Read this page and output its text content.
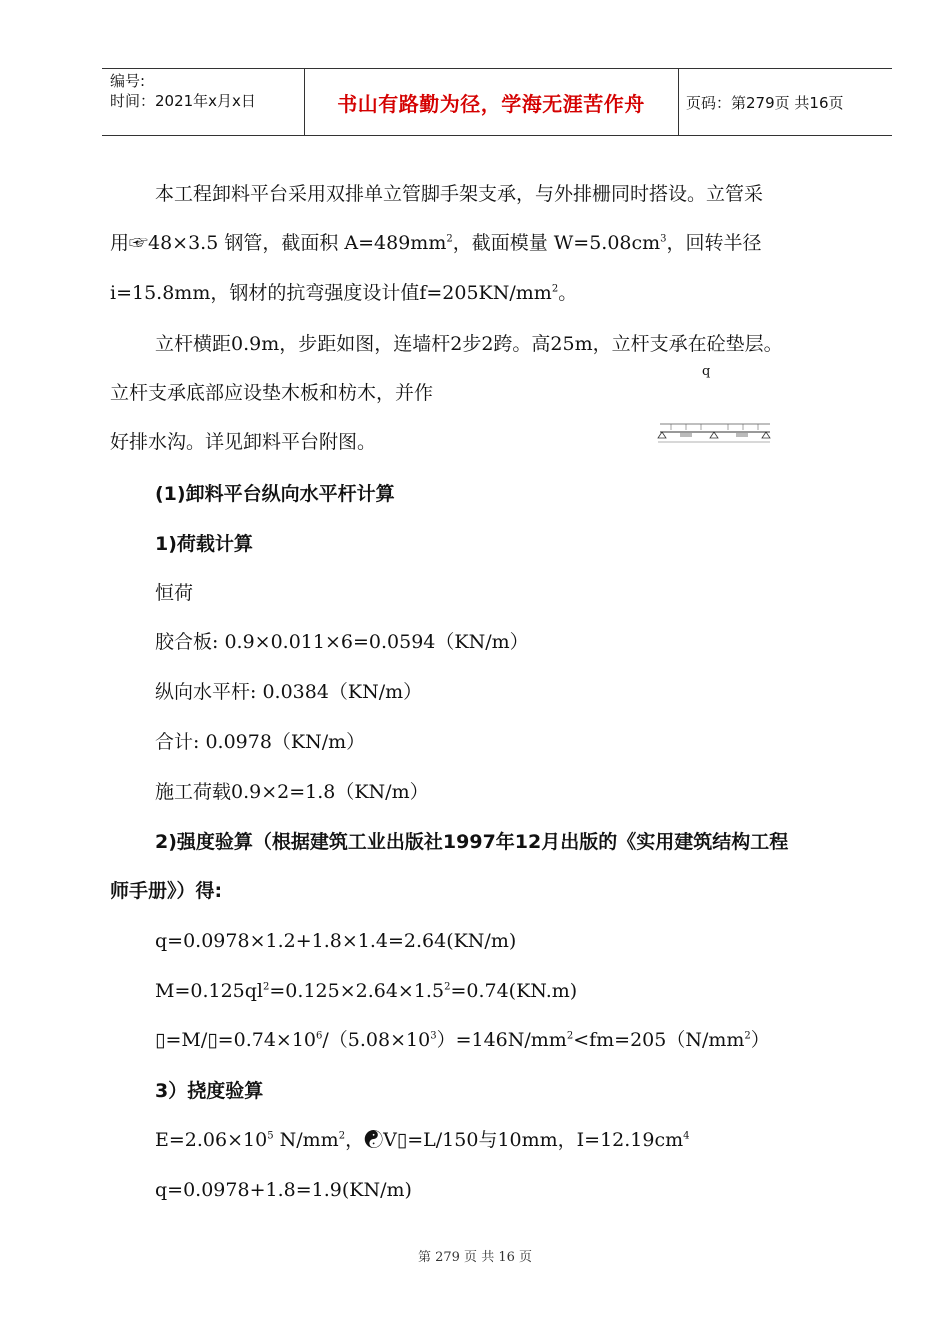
编号:
时间：2021年x月x日	书山有路勤为径，学海无涯苦作舟	页码：第279页 共16页
本工程卸料平台采用双排单立管脚手架支承，与外排栅同时搭设。立管采
用☞48×3.5 钢管，截面积 $A=489mm^2$，截面模量 $W=5.08cm^3$，回转半径
i=15.8mm，钢材的抗弯强度设计值$f=205KN/mm^2$。
立杆横距0.9m，步距如图，连墙杆2步2跨。高25m，立杆支承在砼垫层。
立杆支承底部应设垫木板和枋木，并作
好排水沟。详见卸料平台附图。
q
(1)卸料平台纵向水平杆计算
1)荷载计算
恒荷
胶合板: 0.9×0.011×6=0.0594（KN/m）
纵向水平杆: 0.0384（KN/m）
合计: 0.0978（KN/m）
施工荷载0.9×2=1.8（KN/m）
2)强度验算（根据建筑工业出版社1997年12月出版的《实用建筑结构工程
师手册》）得:
q=0.0978×1.2+1.8×1.4=2.64(KN/m)
$M=0.125ql^2=0.125\times 2.64\times 1.5^2=0.74(KN.m)$
$▯=M/▯=0.74\times 10^6/(5.08\times 10^3)=146N/mm^2<fm=205(N/mm^2)$
3）挠度验算
$E=2.06\times 10^5$ $N/mm^2$，☯V▯=L/150与10mm，$I=12.19cm^4$
q=0.0978+1.8=1.9(KN/m)
第 279 页 共 16 页
